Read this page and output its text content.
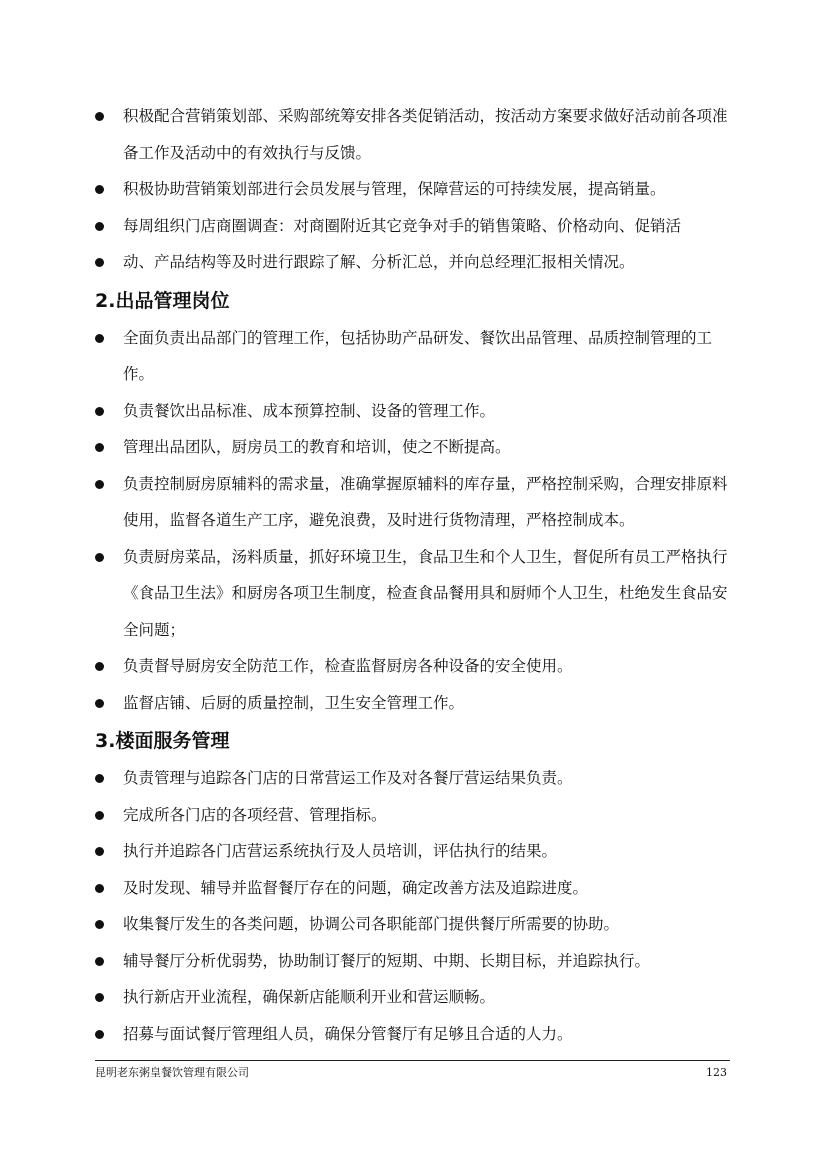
积极配合营销策划部、采购部统筹安排各类促销活动，按活动方案要求做好活动前各项准备工作及活动中的有效执行与反馈。
积极协助营销策划部进行会员发展与管理，保障营运的可持续发展，提高销量。
每周组织门店商圈调查：对商圈附近其它竞争对手的销售策略、价格动向、促销活
动、产品结构等及时进行跟踪了解、分析汇总，并向总经理汇报相关情况。
2.出品管理岗位
全面负责出品部门的管理工作，包括协助产品研发、餐饮出品管理、品质控制管理的工作。
负责餐饮出品标准、成本预算控制、设备的管理工作。
管理出品团队，厨房员工的教育和培训，使之不断提高。
负责控制厨房原辅料的需求量，准确掌握原辅料的库存量，严格控制采购，合理安排原料使用，监督各道生产工序，避免浪费，及时进行货物清理，严格控制成本。
负责厨房菜品，汤料质量，抓好环境卫生，食品卫生和个人卫生，督促所有员工严格执行《食品卫生法》和厨房各项卫生制度，检查食品餐用具和厨师个人卫生，杜绝发生食品安全问题；
负责督导厨房安全防范工作，检查监督厨房各种设备的安全使用。
监督店铺、后厨的质量控制，卫生安全管理工作。
3.楼面服务管理
负责管理与追踪各门店的日常营运工作及对各餐厅营运结果负责。
完成所各门店的各项经营、管理指标。
执行并追踪各门店营运系统执行及人员培训，评估执行的结果。
及时发现、辅导并监督餐厅存在的问题，确定改善方法及追踪进度。
收集餐厅发生的各类问题，协调公司各职能部门提供餐厅所需要的协助。
辅导餐厅分析优弱势，协助制订餐厅的短期、中期、长期目标，并追踪执行。
执行新店开业流程，确保新店能顺利开业和营运顺畅。
招募与面试餐厅管理组人员，确保分管餐厅有足够且合适的人力。
昆明老东粥皇餐饮管理有限公司	123
